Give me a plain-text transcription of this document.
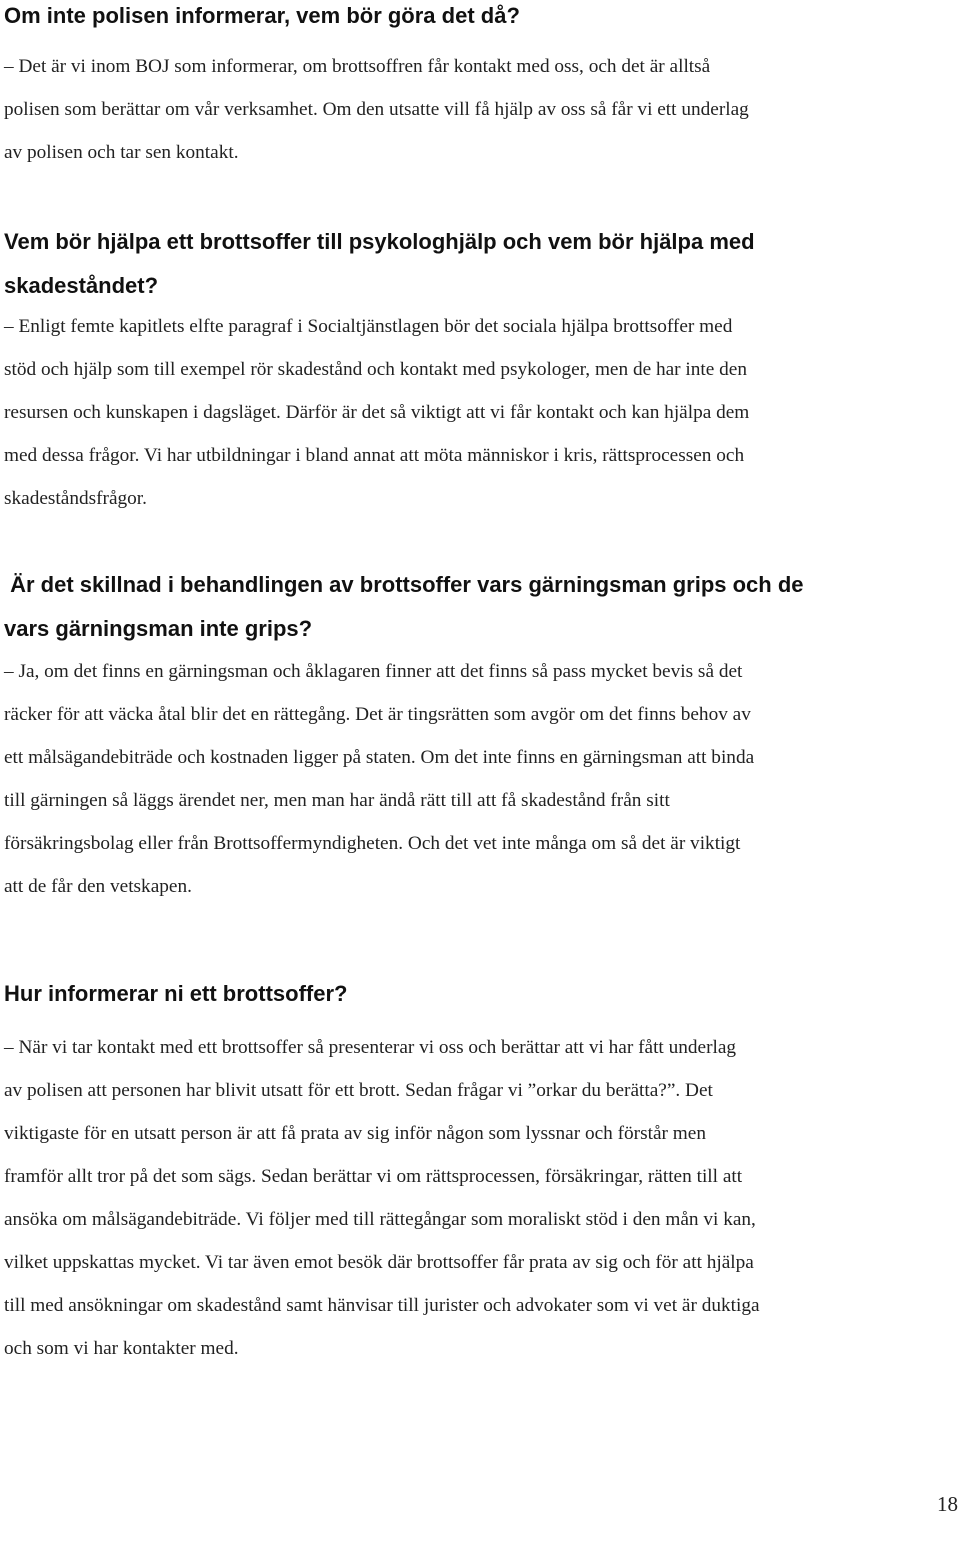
Om inte polisen informerar, vem bör göra det då?

– Det är vi inom BOJ som informerar, om brottsoffren får kontakt med oss, och det är alltså
polisen som berättar om vår verksamhet. Om den utsatte vill få hjälp av oss så får vi ett underlag
av polisen och tar sen kontakt.

Vem bör hjälpa ett brottsoffer till psykologhjälp och vem bör hjälpa med
skadeståndet?

– Enligt femte kapitlets elfte paragraf i Socialtjänstlagen bör det sociala hjälpa brottsoffer med
stöd och hjälp som till exempel rör skadestånd och kontakt med psykologer, men de har inte den
resursen och kunskapen i dagsläget. Därför är det så viktigt att vi får kontakt och kan hjälpa dem
med dessa frågor. Vi har utbildningar i bland annat att möta människor i kris, rättsprocessen och
skadeståndsfrågor.

Är det skillnad i behandlingen av brottsoffer vars gärningsman grips och de
vars gärningsman inte grips?

– Ja, om det finns en gärningsman och åklagaren finner att det finns så pass mycket bevis så det
räcker för att väcka åtal blir det en rättegång. Det är tingsrätten som avgör om det finns behov av
ett målsägandebiträde och kostnaden ligger på staten. Om det inte finns en gärningsman att binda
till gärningen så läggs ärendet ner, men man har ändå rätt till att få skadestånd från sitt
försäkringsbolag eller från Brottsoffermyndigheten. Och det vet inte många om så det är viktigt
att de får den vetskapen.

Hur informerar ni ett brottsoffer?

– När vi tar kontakt med ett brottsoffer så presenterar vi oss och berättar att vi har fått underlag
av polisen att personen har blivit utsatt för ett brott. Sedan frågar vi ”orkar du berätta?”. Det
viktigaste för en utsatt person är att få prata av sig inför någon som lyssnar och förstår men
framför allt tror på det som sägs. Sedan berättar vi om rättsprocessen, försäkringar, rätten till att
ansöka om målsägandebiträde. Vi följer med till rättegångar som moraliskt stöd i den mån vi kan,
vilket uppskattas mycket. Vi tar även emot besök där brottsoffer får prata av sig och för att hjälpa
till med ansökningar om skadestånd samt hänvisar till jurister och advokater som vi vet är duktiga
och som vi har kontakter med.

18
